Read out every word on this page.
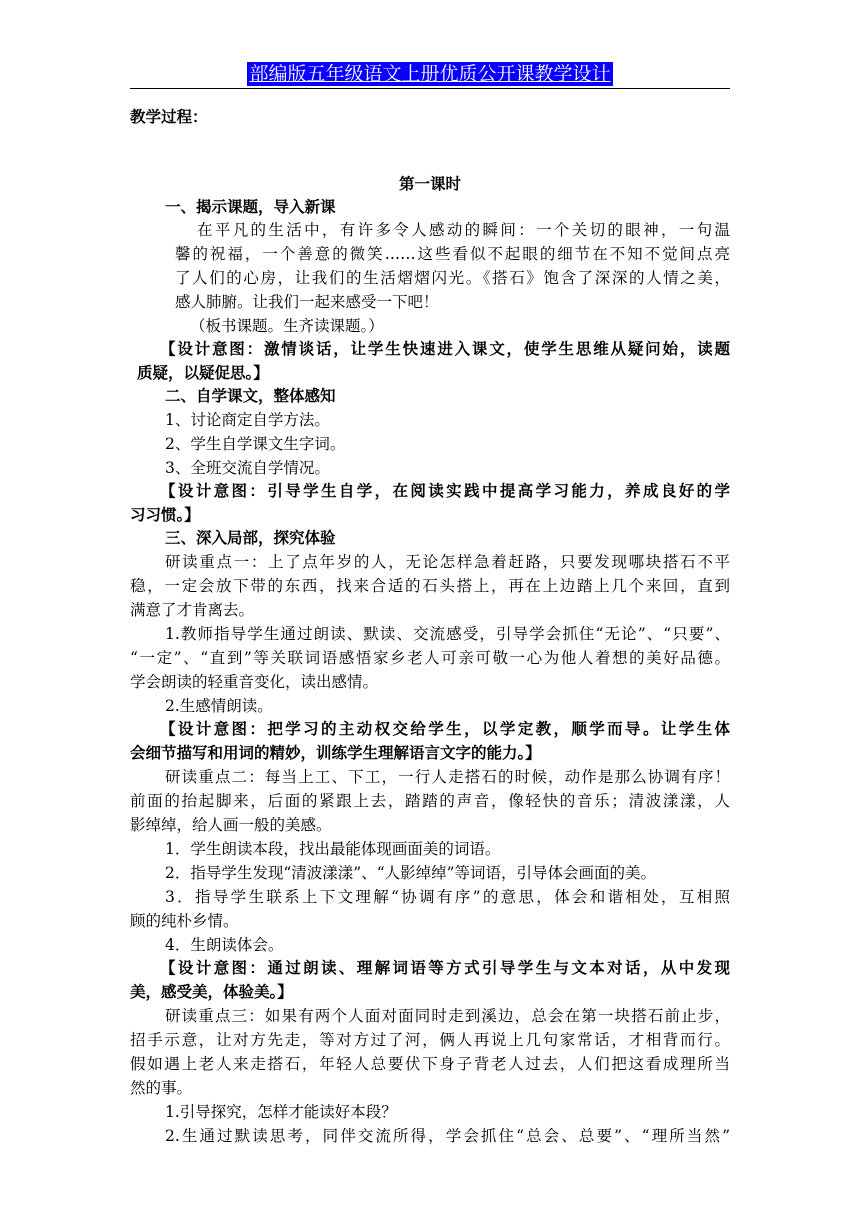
部编版五年级语文上册优质公开课教学设计
教学过程：
第一课时
一、揭示课题，导入新课
在平凡的生活中，有许多令人感动的瞬间：一个关切的眼神，一句温
馨的祝福，一个善意的微笑……这些看似不起眼的细节在不知不觉间点亮
了人们的心房，让我们的生活熠熠闪光。《搭石》饱含了深深的人情之美，
感人肺腑。让我们一起来感受一下吧！
（板书课题。生齐读课题。）
【设计意图：激情谈话，让学生快速进入课文，使学生思维从疑问始，读题
质疑，以疑促思。】
二、自学课文，整体感知
1、讨论商定自学方法。
2、学生自学课文生字词。
3、全班交流自学情况。
【设计意图：引导学生自学，在阅读实践中提高学习能力，养成良好的学
习习惯。】
三、深入局部，探究体验
研读重点一：上了点年岁的人，无论怎样急着赶路，只要发现哪块搭石不平
稳，一定会放下带的东西，找来合适的石头搭上，再在上边踏上几个来回，直到
满意了才肯离去。
1.教师指导学生通过朗读、默读、交流感受，引导学会抓住“无论”、“只要”、
“一定”、“直到”等关联词语感悟家乡老人可亲可敬一心为他人着想的美好品德。
学会朗读的轻重音变化，读出感情。
2.生感情朗读。
【设计意图：把学习的主动权交给学生，以学定教，顺学而导。让学生体
会细节描写和用词的精妙，训练学生理解语言文字的能力。】
研读重点二：每当上工、下工，一行人走搭石的时候，动作是那么协调有序！
前面的抬起脚来，后面的紧跟上去，踏踏的声音，像轻快的音乐；清波漾漾，人
影绰绰，给人画一般的美感。
1．学生朗读本段，找出最能体现画面美的词语。
2．指导学生发现“清波漾漾”、“人影绰绰”等词语，引导体会画面的美。
3．指导学生联系上下文理解“协调有序”的意思，体会和谐相处，互相照
顾的纯朴乡情。
4．生朗读体会。
【设计意图：通过朗读、理解词语等方式引导学生与文本对话，从中发现
美，感受美，体验美。】
研读重点三：如果有两个人面对面同时走到溪边，总会在第一块搭石前止步，
招手示意，让对方先走，等对方过了河，俩人再说上几句家常话，才相背而行。
假如遇上老人来走搭石，年轻人总要伏下身子背老人过去，人们把这看成理所当
然的事。
1.引导探究，怎样才能读好本段？
2.生通过默读思考，同伴交流所得，学会抓住“总会、总要”、“理所当然”
